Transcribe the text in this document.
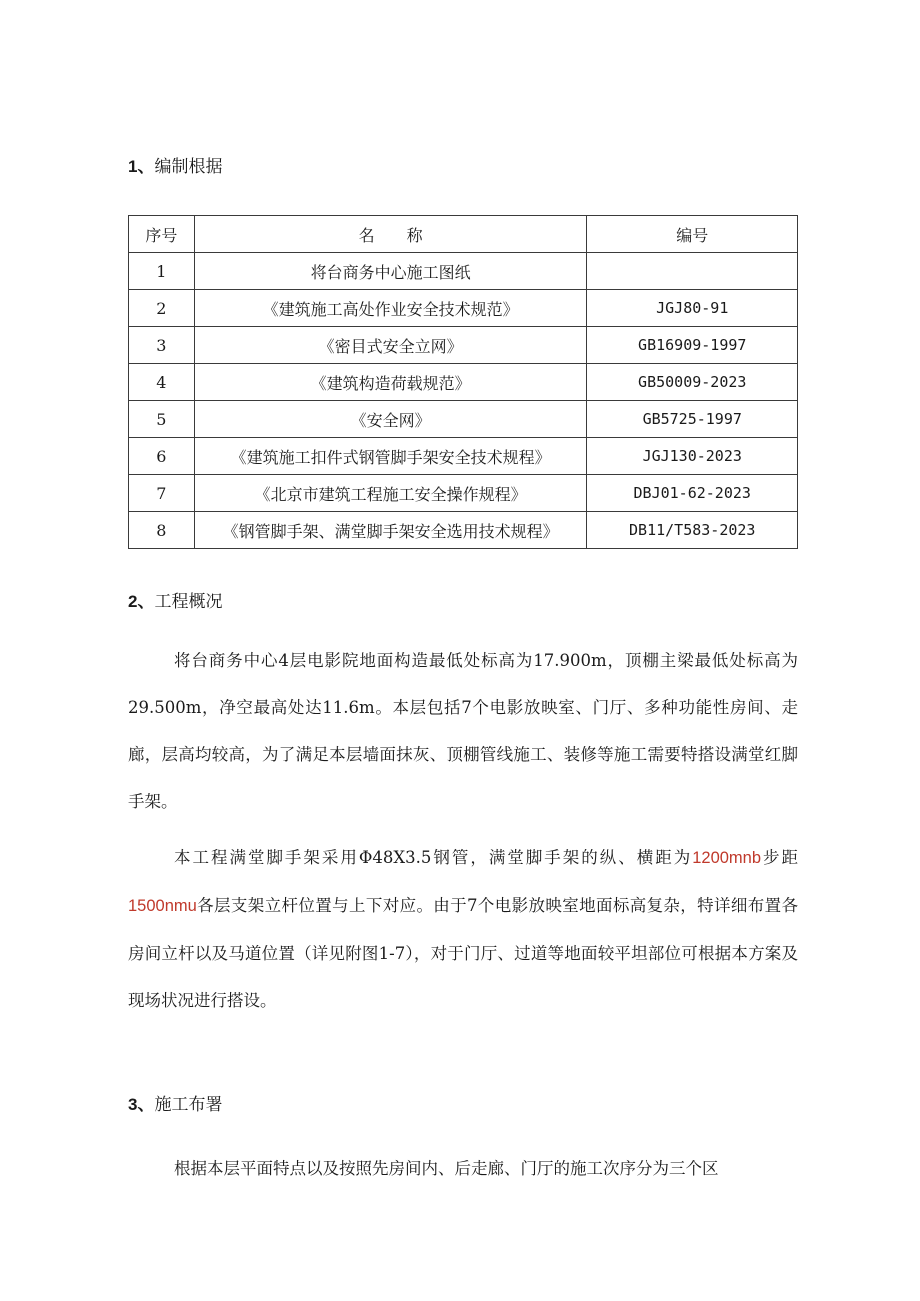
1、编制根据
序号	名　　称	编号
1	将台商务中心施工图纸	
2	《建筑施工高处作业安全技术规范》	JGJ80-91
3	《密目式安全立网》	GB16909-1997
4	《建筑构造荷载规范》	GB50009-2023
5	《安全网》	GB5725-1997
6	《建筑施工扣件式钢管脚手架安全技术规程》	JGJ130-2023
7	《北京市建筑工程施工安全操作规程》	DBJ01-62-2023
8	《钢管脚手架、满堂脚手架安全选用技术规程》	DB11/T583-2023
2、工程概况

将台商务中心4层电影院地面构造最低处标高为17.900m，顶棚主梁最低处标高为29.500m，净空最高处达11.6m。本层包括7个电影放映室、门厅、多种功能性房间、走廊，层高均较高，为了满足本层墙面抹灰、顶棚管线施工、装修等施工需要特搭设满堂红脚手架。

本工程满堂脚手架采用Φ48X3.5钢管，满堂脚手架的纵、横距为1200mnb步距1500nmu各层支架立杆位置与上下对应。由于7个电影放映室地面标高复杂，特详细布置各房间立杆以及马道位置（详见附图1-7），对于门厅、过道等地面较平坦部位可根据本方案及现场状况进行搭设。

3、施工布署

根据本层平面特点以及按照先房间内、后走廊、门厅的施工次序分为三个区
